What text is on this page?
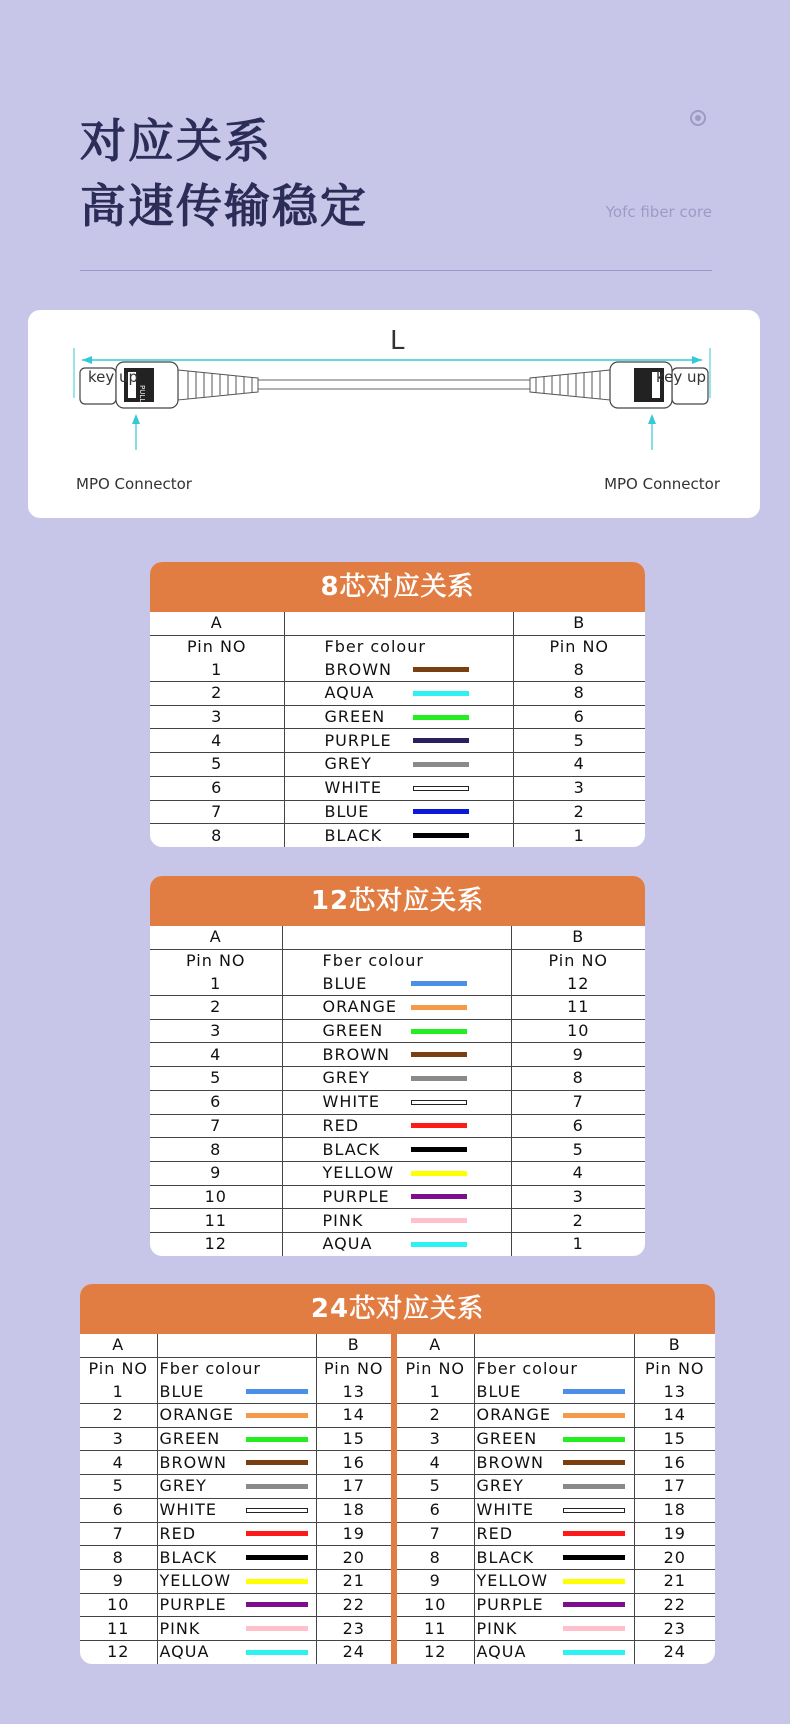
对应关系
高速传输稳定	Yofc fiber core
PULL
L
key up	key up
MPO Connector	MPO Connector
8芯对应关系
A		B
Pin NO	Fber colour	Pin NO
1	BROWN	8
2	AQUA	8
3	GREEN	6
4	PURPLE	5
5	GREY	4
6	WHITE	3
7	BLUE	2
8	BLACK	1
12芯对应关系
A		B
Pin NO	Fber colour	Pin NO
1	BLUE	12
2	ORANGE	11
3	GREEN	10
4	BROWN	9
5	GREY	8
6	WHITE	7
7	RED	6
8	BLACK	5
9	YELLOW	4
10	PURPLE	3
11	PINK	2
12	AQUA	1
24芯对应关系
A		B	A		B
Pin NO	Fber colour	Pin NO	Pin NO	Fber colour	Pin NO
1	BLUE	13	1	BLUE	13
2	ORANGE	14	2	ORANGE	14
3	GREEN	15	3	GREEN	15
4	BROWN	16	4	BROWN	16
5	GREY	17	5	GREY	17
6	WHITE	18	6	WHITE	18
7	RED	19	7	RED	19
8	BLACK	20	8	BLACK	20
9	YELLOW	21	9	YELLOW	21
10	PURPLE	22	10	PURPLE	22
11	PINK	23	11	PINK	23
12	AQUA	24	12	AQUA	24
